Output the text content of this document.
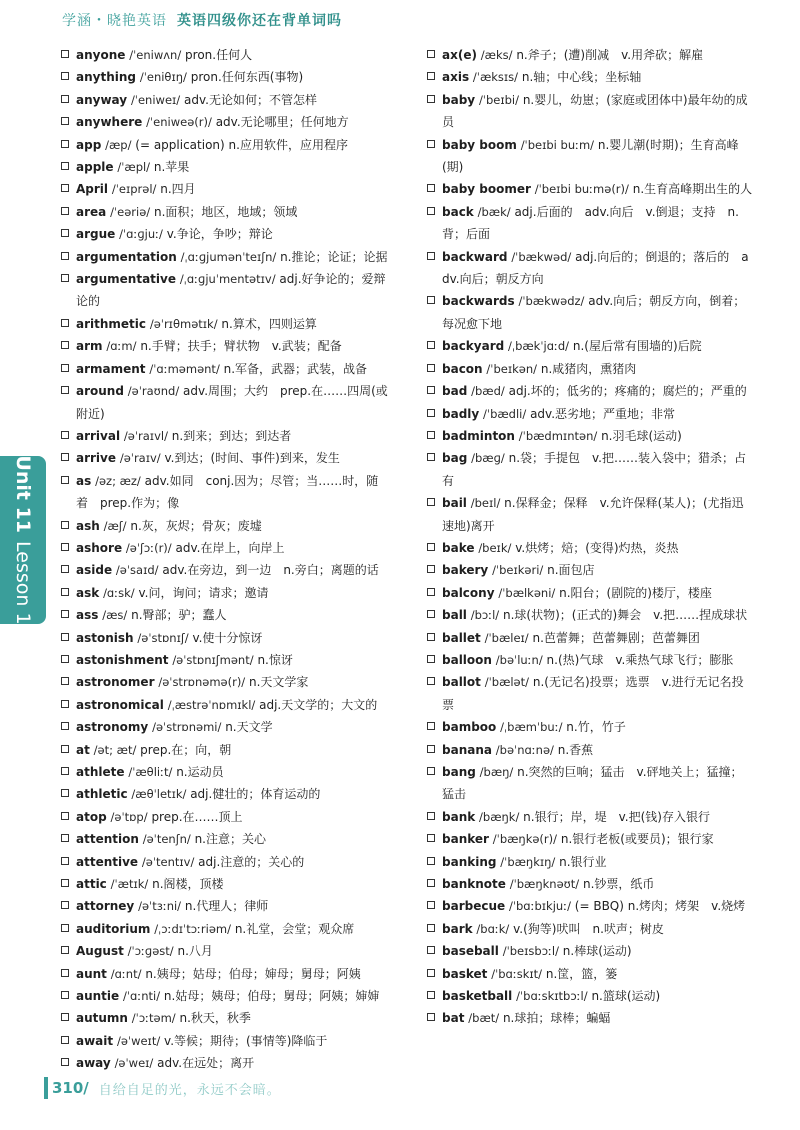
学涵・晓艳英语 英语四级你还在背单词吗
anyone /ˈeniwʌn/ pron.任何人
anything /ˈeniθɪŋ/ pron.任何东西(事物)
anyway /ˈeniweɪ/ adv.无论如何；不管怎样
anywhere /ˈeniweə(r)/ adv.无论哪里；任何地方
app /æp/ (= application) n.应用软件，应用程序
apple /ˈæpl/ n.苹果
April /ˈeɪprəl/ n.四月
area /ˈeəriə/ n.面积；地区，地域；领域
argue /ˈɑːɡjuː/ v.争论，争吵；辩论
argumentation /ˌɑːɡjumənˈteɪʃn/ n.推论；论证；论据
argumentative /ˌɑːɡjuˈmentətɪv/ adj.好争论的；爱辩论的
arithmetic /əˈrɪθmətɪk/ n.算术，四则运算
arm /ɑːm/ n.手臂；扶手；臂状物　v.武装；配备
armament /ˈɑːməmənt/ n.军备，武器；武装，战备
around /əˈraʊnd/ adv.周围；大约　prep.在……四周(或附近)
arrival /əˈraɪvl/ n.到来；到达；到达者
arrive /əˈraɪv/ v.到达；(时间、事件)到来，发生
as /əz; æz/ adv.如同　conj.因为；尽管；当……时，随着　prep.作为；像
ash /æʃ/ n.灰，灰烬；骨灰；废墟
ashore /əˈʃɔː(r)/ adv.在岸上，向岸上
aside /əˈsaɪd/ adv.在旁边，到一边　n.旁白；离题的话
ask /ɑːsk/ v.问，询问；请求；邀请
ass /æs/ n.臀部；驴；蠢人
astonish /əˈstɒnɪʃ/ v.使十分惊讶
astonishment /əˈstɒnɪʃmənt/ n.惊讶
astronomer /əˈstrɒnəmə(r)/ n.天文学家
astronomical /ˌæstrəˈnɒmɪkl/ adj.天文学的；大文的
astronomy /əˈstrɒnəmi/ n.天文学
at /ət; æt/ prep.在；向，朝
athlete /ˈæθliːt/ n.运动员
athletic /æθˈletɪk/ adj.健壮的；体育运动的
atop /əˈtɒp/ prep.在……顶上
attention /əˈtenʃn/ n.注意；关心
attentive /əˈtentɪv/ adj.注意的；关心的
attic /ˈætɪk/ n.阁楼，顶楼
attorney /əˈtɜːni/ n.代理人；律师
auditorium /ˌɔːdɪˈtɔːriəm/ n.礼堂，会堂；观众席
August /ˈɔːɡəst/ n.八月
aunt /ɑːnt/ n.姨母；姑母；伯母；婶母；舅母；阿姨
auntie /ˈɑːnti/ n.姑母；姨母；伯母；舅母；阿姨；婶婶
autumn /ˈɔːtəm/ n.秋天，秋季
await /əˈweɪt/ v.等候；期待；(事情等)降临于
away /əˈweɪ/ adv.在远处；离开
ax(e) /æks/ n.斧子；(遭)削减　v.用斧砍；解雇
axis /ˈæksɪs/ n.轴；中心线；坐标轴
baby /ˈbeɪbi/ n.婴儿，幼崽；(家庭或团体中)最年幼的成员
baby boom /ˈbeɪbi buːm/ n.婴儿潮(时期)；生育高峰(期)
baby boomer /ˈbeɪbi buːmə(r)/ n.生育高峰期出生的人
back /bæk/ adj.后面的　adv.向后　v.倒退；支持　n.背；后面
backward /ˈbækwəd/ adj.向后的；倒退的；落后的　adv.向后；朝反方向
backwards /ˈbækwədz/ adv.向后；朝反方向，倒着；每况愈下地
backyard /ˌbækˈjɑːd/ n.(屋后常有围墙的)后院
bacon /ˈbeɪkən/ n.咸猪肉，熏猪肉
bad /bæd/ adj.坏的；低劣的；疼痛的；腐烂的；严重的
badly /ˈbædli/ adv.恶劣地；严重地；非常
badminton /ˈbædmɪntən/ n.羽毛球(运动)
bag /bæɡ/ n.袋；手提包　v.把……装入袋中；猎杀；占有
bail /beɪl/ n.保释金；保释　v.允许保释(某人)；(尤指迅速地)离开
bake /beɪk/ v.烘烤；焙；(变得)灼热，炎热
bakery /ˈbeɪkəri/ n.面包店
balcony /ˈbælkəni/ n.阳台；(剧院的)楼厅，楼座
ball /bɔːl/ n.球(状物)；(正式的)舞会　v.把……捏成球状
ballet /ˈbæleɪ/ n.芭蕾舞；芭蕾舞剧；芭蕾舞团
balloon /bəˈluːn/ n.(热)气球　v.乘热气球飞行；膨胀
ballot /ˈbælət/ n.(无记名)投票；选票　v.进行无记名投票
bamboo /ˌbæmˈbuː/ n.竹，竹子
banana /bəˈnɑːnə/ n.香蕉
bang /bæŋ/ n.突然的巨响；猛击　v.砰地关上；猛撞；猛击
bank /bæŋk/ n.银行；岸，堤　v.把(钱)存入银行
banker /ˈbæŋkə(r)/ n.银行老板(或要员)；银行家
banking /ˈbæŋkɪŋ/ n.银行业
banknote /ˈbæŋknəʊt/ n.钞票，纸币
barbecue /ˈbɑːbɪkjuː/ (= BBQ) n.烤肉；烤架　v.烧烤
bark /bɑːk/ v.(狗等)吠叫　n.吠声；树皮
baseball /ˈbeɪsbɔːl/ n.棒球(运动)
basket /ˈbɑːskɪt/ n.筐，篮，篓
basketball /ˈbɑːskɪtbɔːl/ n.篮球(运动)
bat /bæt/ n.球拍；球棒；蝙蝠
Unit 11Lesson 1
310/ 自给自足的光，永远不会暗。
